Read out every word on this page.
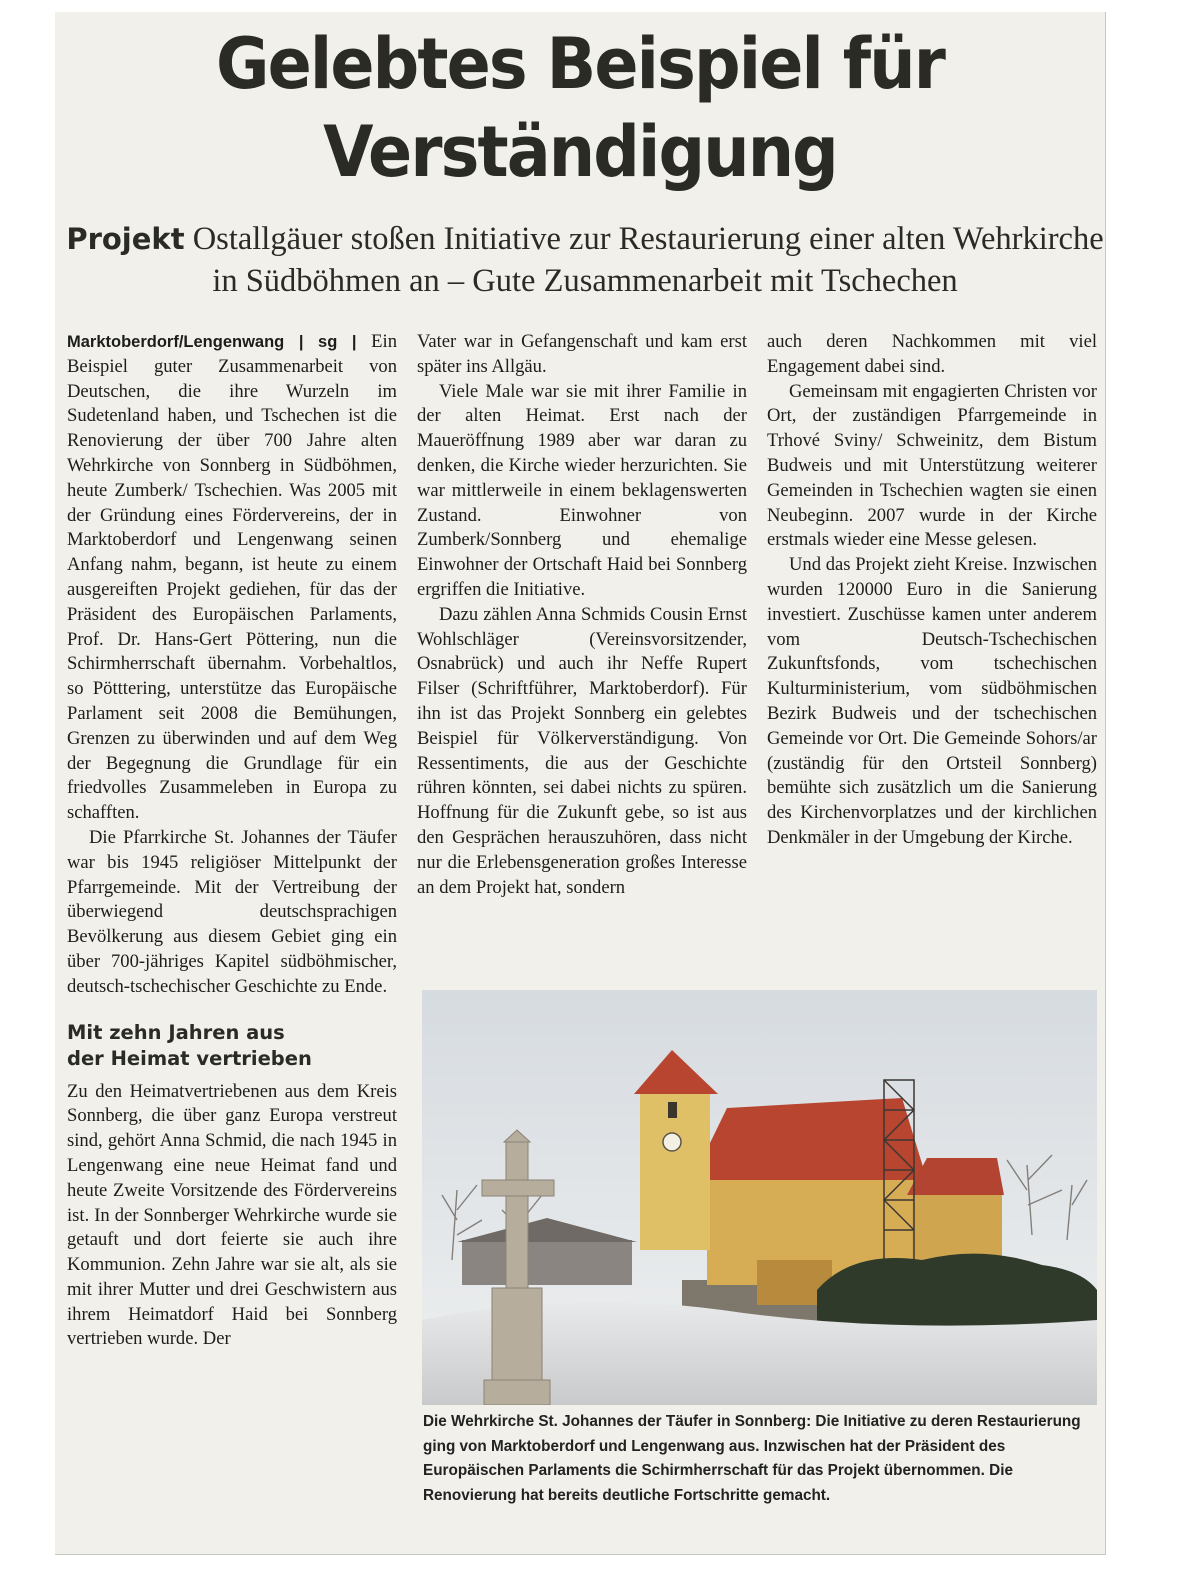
Gelebtes Beispiel für
Verständigung

Projekt Ostallgäuer stoßen Initiative zur Restaurierung einer alten Wehrkirche in Südböhmen an – Gute Zusammenarbeit mit Tschechen

Marktoberdorf/Lengenwang | sg | Ein Beispiel guter Zusammenarbeit von Deutschen, die ihre Wurzeln im Sudetenland haben, und Tschechen ist die Renovierung der über 700 Jahre alten Wehrkirche von Sonnberg in Südböhmen, heute Zumberk/ Tschechien. Was 2005 mit der Gründung eines Fördervereins, der in Marktoberdorf und Lengenwang seinen Anfang nahm, begann, ist heute zu einem ausgereiften Projekt gediehen, für das der Präsident des Europäischen Parlaments, Prof. Dr. Hans-Gert Pöttering, nun die Schirmherrschaft übernahm. Vorbehaltlos, so Pötttering, unterstütze das Europäische Parlament seit 2008 die Bemühungen, Grenzen zu überwinden und auf dem Weg der Begegnung die Grundlage für ein friedvolles Zusammeleben in Europa zu schafften.

Die Pfarrkirche St. Johannes der Täufer war bis 1945 religiöser Mittelpunkt der Pfarrgemeinde. Mit der Vertreibung der überwiegend deutschsprachigen Bevölkerung aus diesem Gebiet ging ein über 700-jähriges Kapitel südböhmischer, deutsch-tschechischer Geschichte zu Ende.

Mit zehn Jahren aus
der Heimat vertrieben

Zu den Heimatvertriebenen aus dem Kreis Sonnberg, die über ganz Europa verstreut sind, gehört Anna Schmid, die nach 1945 in Lengenwang eine neue Heimat fand und heute Zweite Vorsitzende des Fördervereins ist. In der Sonnberger Wehrkirche wurde sie getauft und dort feierte sie auch ihre Kommunion. Zehn Jahre war sie alt, als sie mit ihrer Mutter und drei Geschwistern aus ihrem Heimatdorf Haid bei Sonnberg vertrieben wurde. Der

Vater war in Gefangenschaft und kam erst später ins Allgäu.

Viele Male war sie mit ihrer Familie in der alten Heimat. Erst nach der Maueröffnung 1989 aber war daran zu denken, die Kirche wieder herzurichten. Sie war mittlerweile in einem beklagenswerten Zustand. Einwohner von Zumberk/Sonnberg und ehemalige Einwohner der Ortschaft Haid bei Sonnberg ergriffen die Initiative.

Dazu zählen Anna Schmids Cousin Ernst Wohlschläger (Vereinsvorsitzender, Osnabrück) und auch ihr Neffe Rupert Filser (Schriftführer, Marktoberdorf). Für ihn ist das Projekt Sonnberg ein gelebtes Beispiel für Völkerverständigung. Von Ressentiments, die aus der Geschichte rühren könnten, sei dabei nichts zu spüren. Hoffnung für die Zukunft gebe, so ist aus den Gesprächen herauszuhören, dass nicht nur die Erlebensgeneration großes Interesse an dem Projekt hat, sondern

auch deren Nachkommen mit viel Engagement dabei sind.

Gemeinsam mit engagierten Christen vor Ort, der zuständigen Pfarrgemeinde in Trhové Sviny/ Schweinitz, dem Bistum Budweis und mit Unterstützung weiterer Gemeinden in Tschechien wagten sie einen Neubeginn. 2007 wurde in der Kirche erstmals wieder eine Messe gelesen.

Und das Projekt zieht Kreise. Inzwischen wurden 120000 Euro in die Sanierung investiert. Zuschüsse kamen unter anderem vom Deutsch-Tschechischen Zukunftsfonds, vom tschechischen Kulturministerium, vom südböhmischen Bezirk Budweis und der tschechischen Gemeinde vor Ort. Die Gemeinde Sohors/ar (zuständig für den Ortsteil Sonnberg) bemühte sich zusätzlich um die Sanierung des Kirchenvorplatzes und der kirchlichen Denkmäler in der Umgebung der Kirche.

Die Wehrkirche St. Johannes der Täufer in Sonnberg: Die Initiative zu deren Restaurierung ging von Marktoberdorf und Lengenwang aus. Inzwischen hat der Präsident des Europäischen Parlaments die Schirmherrschaft für das Projekt übernommen. Die Renovierung hat bereits deutliche Fortschritte gemacht.
